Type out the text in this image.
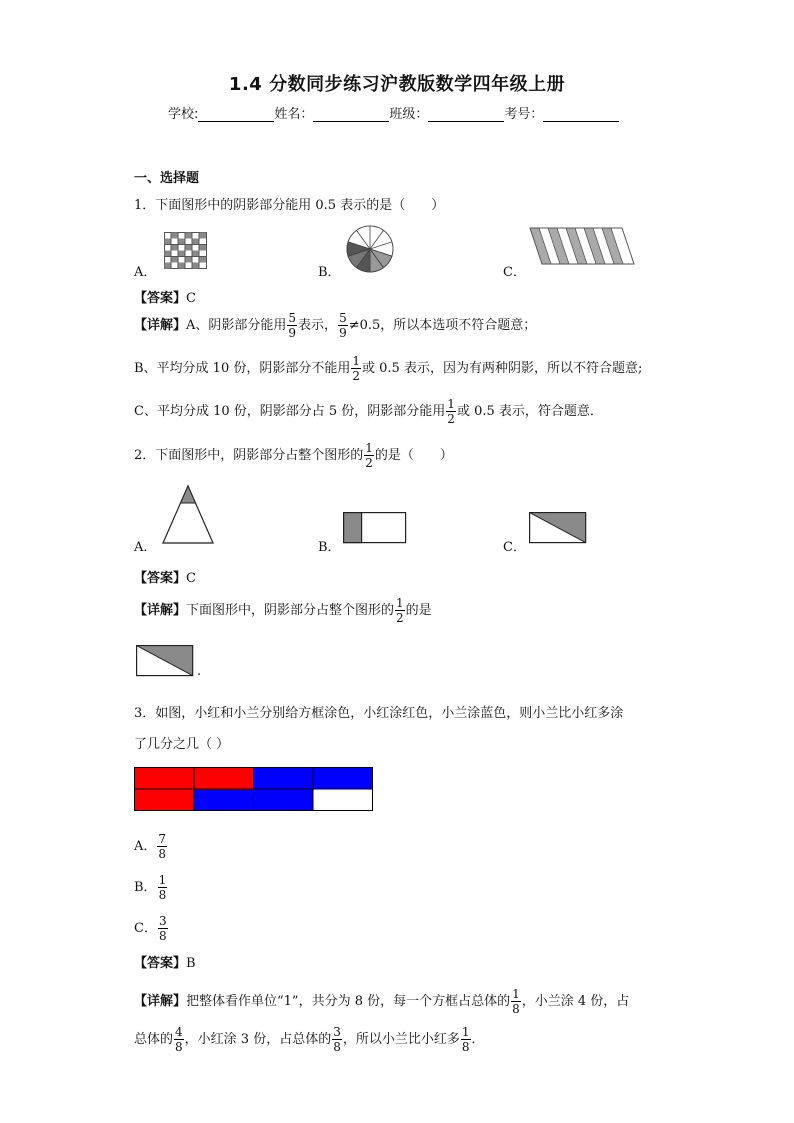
1.4 分数同步练习沪教版数学四年级上册
学校:	姓名：	班级：	考号：
一、选择题
1．下面图形中的阴影部分能用 0.5 表示的是（　　）
A．	B．	C．
【答案】C
【详解】A、阴影部分能用 $\frac{5}{9}$ 表示， $\frac{5}{9} \ne 0.5$，所以本选项不符合题意；
B、平均分成 10 份，阴影部分不能用 $\frac{1}{2}$ 或 0.5 表示，因为有两种阴影，所以不符合题意;
C、平均分成 10 份，阴影部分占 5 份，阴影部分能用 $\frac{1}{2}$ 或 0.5 表示，符合题意．
2．下面图形中，阴影部分占整个图形的 $\frac{1}{2}$ 的是（　　）
A．	B．	C．
【答案】C
【详解】下面图形中，阴影部分占整个图形的 $\frac{1}{2}$ 的是
.
3．如图，小红和小兰分别给方框涂色，小红涂红色，小兰涂蓝色，则小兰比小红多涂
了几分之几（ ）
A． $\frac{7}{8}$
B． $\frac{1}{8}$
C． $\frac{3}{8}$
【答案】B
【详解】把整体看作单位“1”，共分为 8 份，每一个方框占总体的 $\frac{1}{8}$ ，小兰涂 4 份，占
总体的 $\frac{4}{8}$ ，小红涂 3 份，占总体的 $\frac{3}{8}$ ，所以小兰比小红多 $\frac{1}{8}$ ．
